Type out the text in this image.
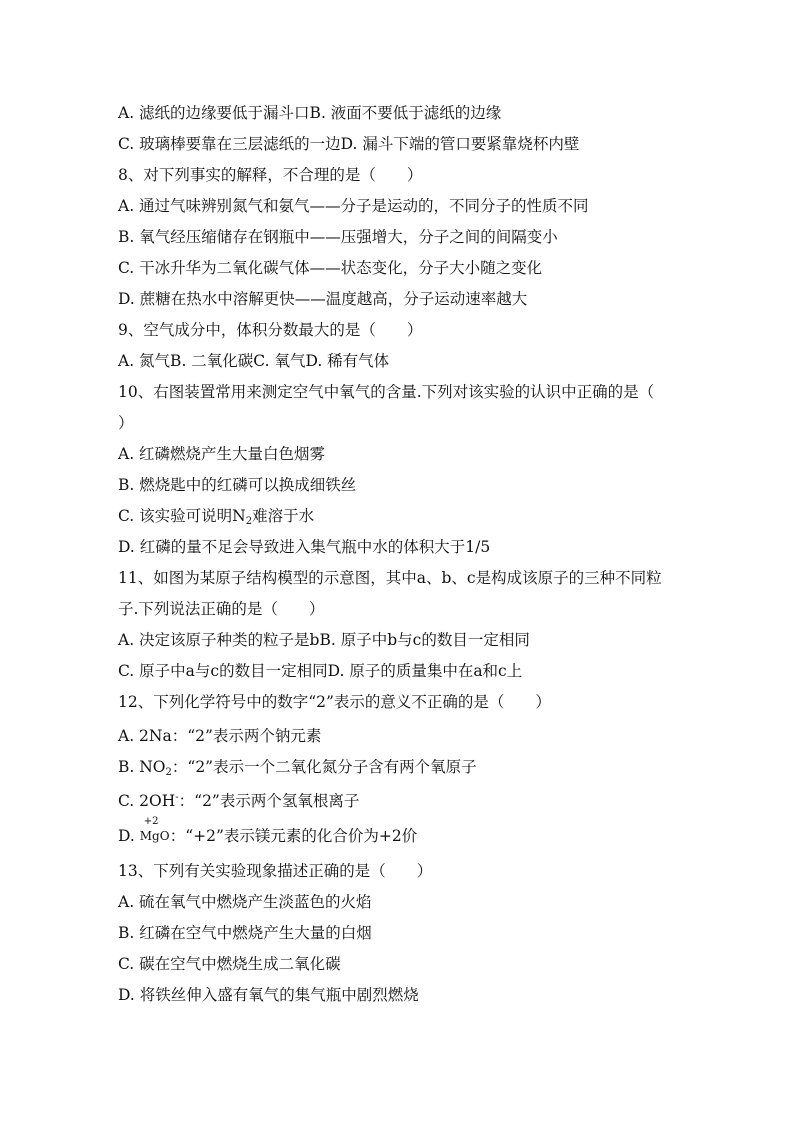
A. 滤纸的边缘要低于漏斗口B. 液面不要低于滤纸的边缘
C. 玻璃棒要靠在三层滤纸的一边D. 漏斗下端的管口要紧靠烧杯内壁
8、对下列事实的解释，不合理的是（　　）
A. 通过气味辨别氮气和氨气——分子是运动的，不同分子的性质不同
B. 氧气经压缩储存在钢瓶中——压强增大，分子之间的间隔变小
C. 干冰升华为二氧化碳气体——状态变化，分子大小随之变化
D. 蔗糖在热水中溶解更快——温度越高，分子运动速率越大
9、空气成分中，体积分数最大的是（　　）
A. 氮气B. 二氧化碳C. 氧气D. 稀有气体
10、右图装置常用来测定空气中氧气的含量.下列对该实验的认识中正确的是（
）
A. 红磷燃烧产生大量白色烟雾
B. 燃烧匙中的红磷可以换成细铁丝
C. 该实验可说明$N_2$难溶于水
D. 红磷的量不足会导致进入集气瓶中水的体积大于1/5
11、如图为某原子结构模型的示意图，其中a、b、c是构成该原子的三种不同粒
子.下列说法正确的是（　　）
A. 决定该原子种类的粒子是bB. 原子中b与c的数目一定相同
C. 原子中a与c的数目一定相同D. 原子的质量集中在a和c上
12、下列化学符号中的数字“2”表示的意义不正确的是（　　）
A. 2Na：“2”表示两个钠元素
B. $NO_2$：“2”表示一个二氧化氮分子含有两个氧原子
C. 2OH-：“2”表示两个氢氧根离子
D.
+2
MgO ：“+2”表示镁元素的化合价为+2价
13、下列有关实验现象描述正确的是（　　）
A. 硫在氧气中燃烧产生淡蓝色的火焰
B. 红磷在空气中燃烧产生大量的白烟
C. 碳在空气中燃烧生成二氧化碳
D. 将铁丝伸入盛有氧气的集气瓶中剧烈燃烧
